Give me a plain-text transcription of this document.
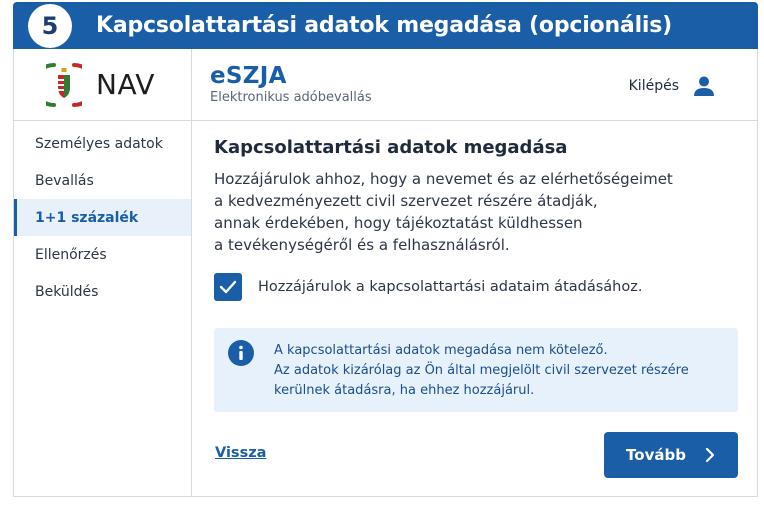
5 Kapcsolattartási adatok megadása (opcionális)
NAV eSZJA
Elektronikus adóbevallás
Kilépés
Személyes adatok
Bevallás
1+1 százalék
Ellenőrzés
Beküldés
Kapcsolattartási adatok megadása
Hozzájárulok ahhoz, hogy a nevemet és az elérhetőségeimet
a kedvezményezett civil szervezet részére átadják,
annak érdekében, hogy tájékoztatást küldhessen
a tevékenységéről és a felhasználásról.
Hozzájárulok a kapcsolattartási adataim átadásához.
A kapcsolattartási adatok megadása nem kötelező.
Az adatok kizárólag az Ön által megjelölt civil szervezet részére
kerülnek átadásra, ha ehhez hozzájárul.
Vissza	Tovább
